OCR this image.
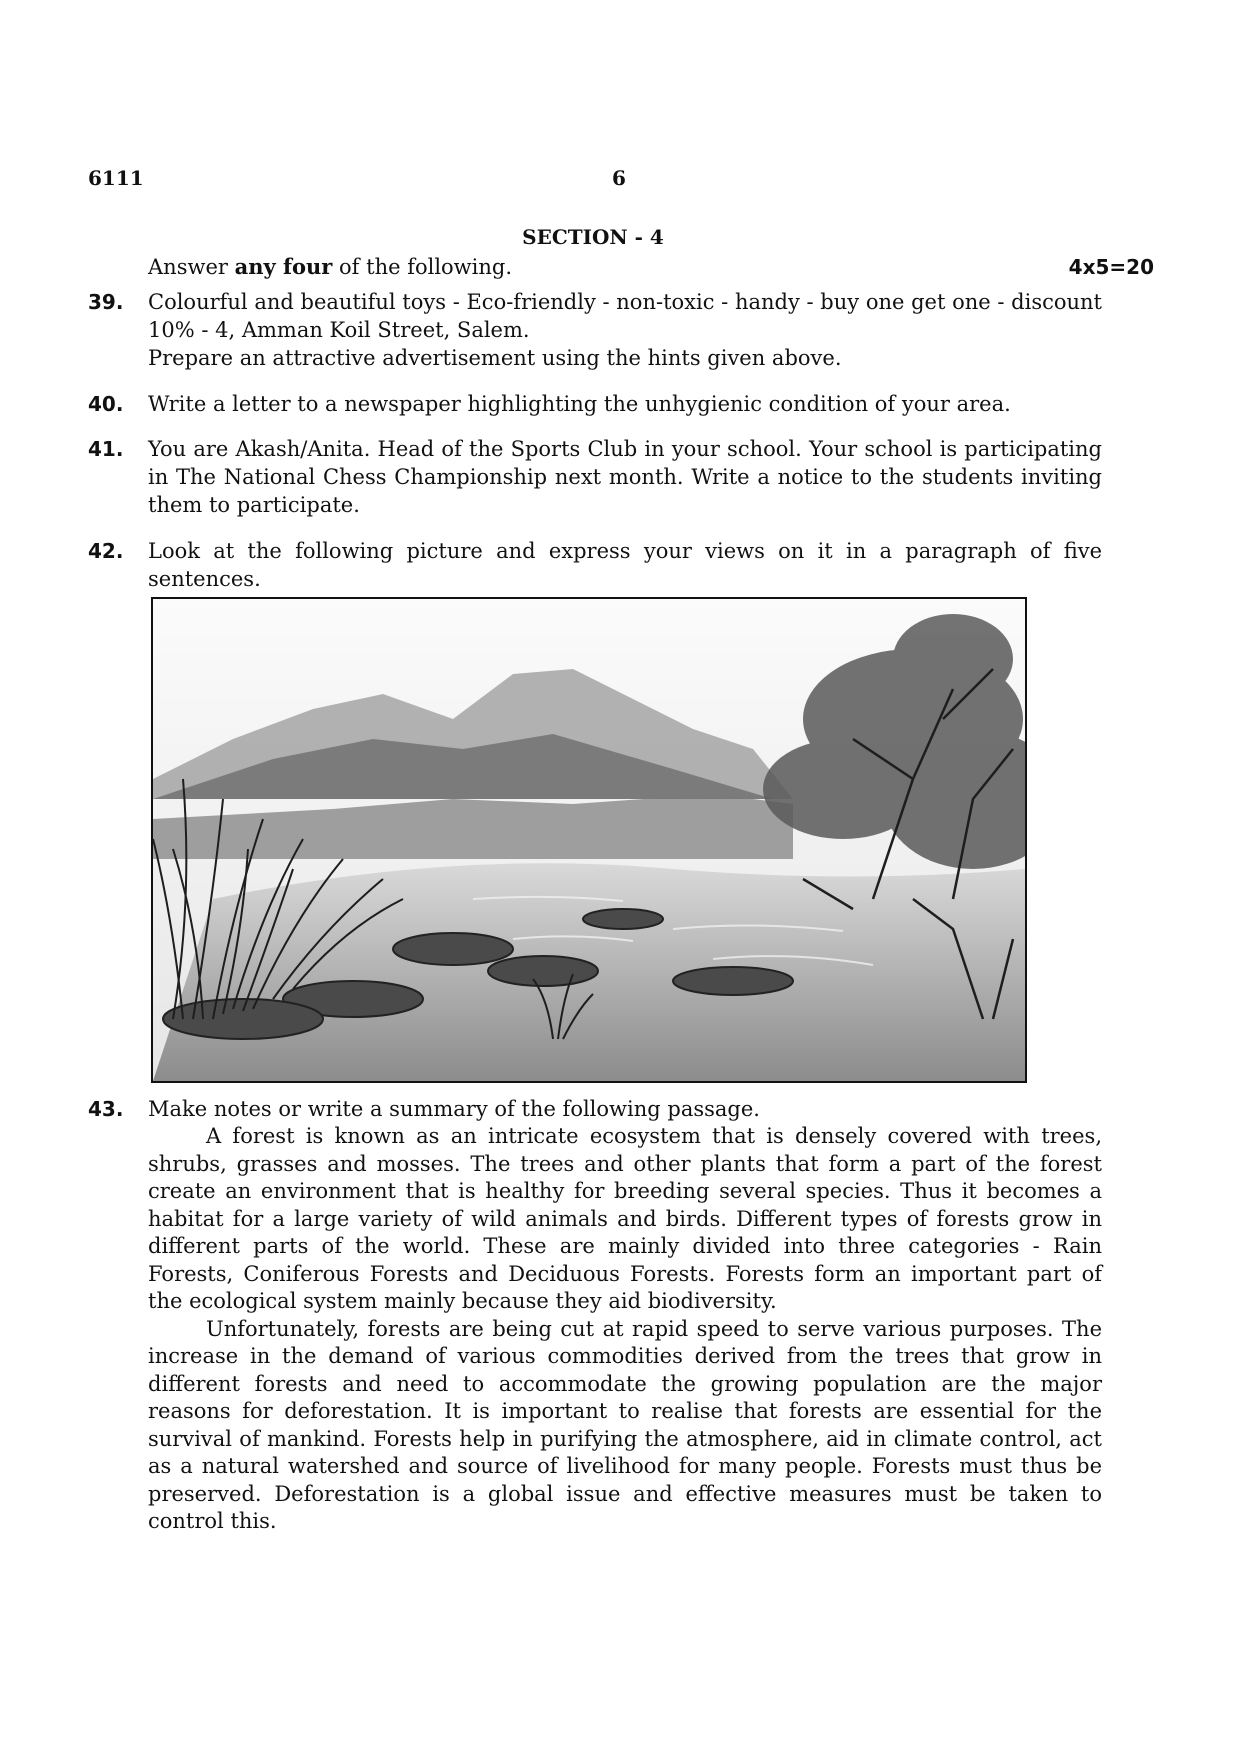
6111	6
SECTION - 4
Answer any four of the following.	4x5=20
39. Colourful and beautiful toys - Eco-friendly - non-toxic - handy - buy one get one - discount 10% - 4, Amman Koil Street, Salem.

Prepare an attractive advertisement using the hints given above.

40. Write a letter to a newspaper highlighting the unhygienic condition of your area.

41. You are Akash/Anita. Head of the Sports Club in your school. Your school is participating in The National Chess Championship next month. Write a notice to the students inviting them to participate.

42. Look at the following picture and express your views on it in a paragraph of five sentences.

43. Make notes or write a summary of the following passage.

A forest is known as an intricate ecosystem that is densely covered with trees, shrubs, grasses and mosses. The trees and other plants that form a part of the forest create an environment that is healthy for breeding several species. Thus it becomes a habitat for a large variety of wild animals and birds. Different types of forests grow in different parts of the world. These are mainly divided into three categories - Rain Forests, Coniferous Forests and Deciduous Forests. Forests form an important part of the ecological system mainly because they aid biodiversity.

Unfortunately, forests are being cut at rapid speed to serve various purposes. The increase in the demand of various commodities derived from the trees that grow in different forests and need to accommodate the growing population are the major reasons for deforestation. It is important to realise that forests are essential for the survival of mankind. Forests help in purifying the atmosphere, aid in climate control, act as a natural watershed and source of livelihood for many people. Forests must thus be preserved. Deforestation is a global issue and effective measures must be taken to control this.
